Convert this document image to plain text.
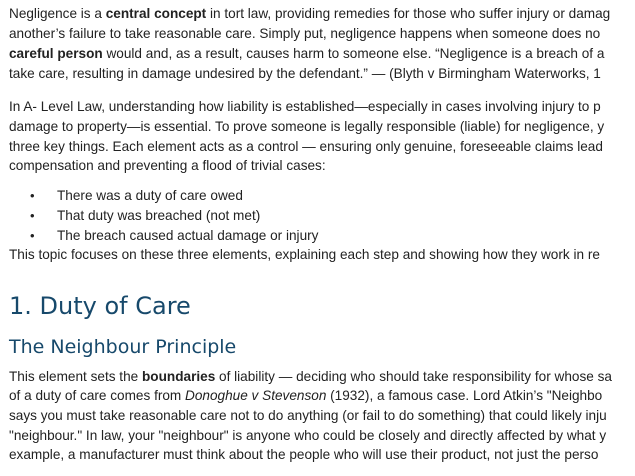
Negligence is a central concept in tort law, providing remedies for those who suffer injury or damag
another’s failure to take reasonable care. Simply put, negligence happens when someone does no
careful person would and, as a result, causes harm to someone else. “Negligence is a breach of a
take care, resulting in damage undesired by the defendant.” — (Blyth v Birmingham Waterworks, 1
In A- Level Law, understanding how liability is established—especially in cases involving injury to p
damage to property—is essential. To prove someone is legally responsible (liable) for negligence, y
three key things. Each element acts as a control — ensuring only genuine, foreseeable claims lead
compensation and preventing a flood of trivial cases:
• There was a duty of care owed
• That duty was breached (not met)
• The breach caused actual damage or injury
This topic focuses on these three elements, explaining each step and showing how they work in re
1. Duty of Care
The Neighbour Principle
This element sets the boundaries of liability — deciding who should take responsibility for whose sa
of a duty of care comes from Donoghue v Stevenson (1932), a famous case. Lord Atkin’s "Neighbo
says you must take reasonable care not to do anything (or fail to do something) that could likely inju
"neighbour." In law, your "neighbour" is anyone who could be closely and directly affected by what y
example, a manufacturer must think about the people who will use their product, not just the perso
